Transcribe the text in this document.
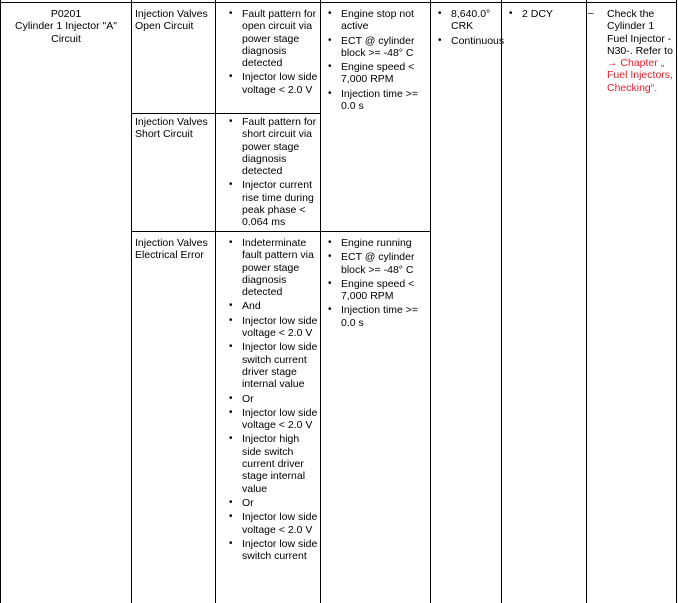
P0201
Cylinder 1 Injector "A" Circuit
Injection Valves Open Circuit
Injection Valves Short Circuit
Injection Valves Electrical Error
• Fault pattern for open circuit via power stage diagnosis detected
• Injector low side voltage < 2.0 V
• Fault pattern for short circuit via power stage diagnosis detected
• Injector current rise time during peak phase < 0.064 ms
• Indeterminate fault pattern via power stage diagnosis detected
• And
• Injector low side voltage < 2.0 V
• Injector low side switch current driver stage internal value
• Or
• Injector low side voltage < 2.0 V
• Injector high side switch current driver stage internal value
• Or
• Injector low side voltage < 2.0 V
• Injector low side switch current
• Engine stop not active
• ECT @ cylinder block >= -48° C
• Engine speed < 7,000 RPM
• Injection time >= 0.0 s
• Engine running
• ECT @ cylinder block >= -48° C
• Engine speed < 7,000 RPM
• Injection time >= 0.0 s
• 8,640.0° CRK
• Continuous
• 2 DCY
–	Check the Cylinder 1 Fuel Injector -N30-. Refer to → Chapter „ Fuel Injectors, Checking“.
